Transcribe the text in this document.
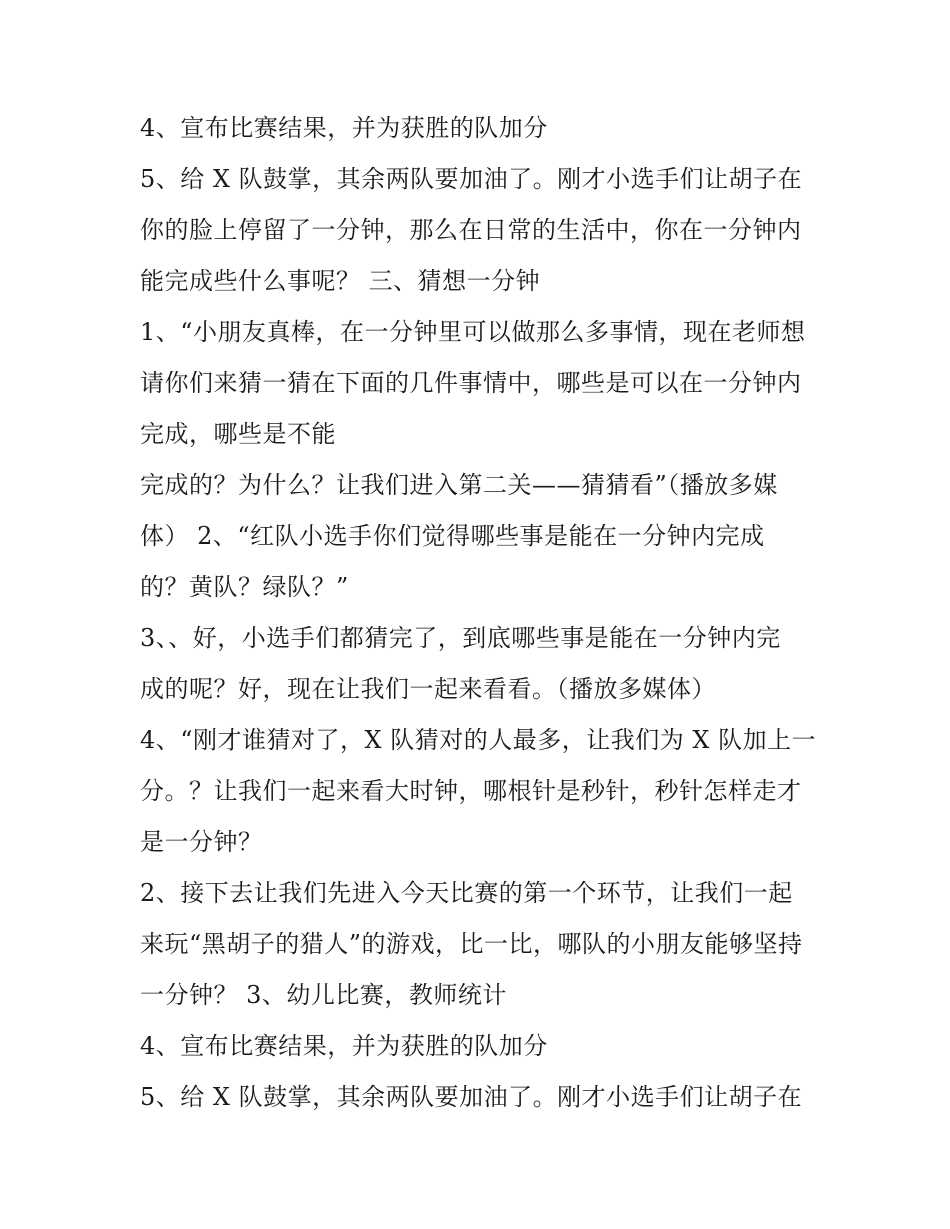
4、宣布比赛结果，并为获胜的队加分
5、给 X 队鼓掌，其余两队要加油了。刚才小选手们让胡子在
你的脸上停留了一分钟，那么在日常的生活中，你在一分钟内
能完成些什么事呢？ 三、猜想一分钟
1、“小朋友真棒，在一分钟里可以做那么多事情，现在老师想
请你们来猜一猜在下面的几件事情中，哪些是可以在一分钟内
完成，哪些是不能
完成的？为什么？让我们进入第二关——猜猜看”（播放多媒
体） 2、“红队小选手你们觉得哪些事是能在一分钟内完成
的？黄队？绿队？”
3、、好，小选手们都猜完了，到底哪些事是能在一分钟内完
成的呢？好，现在让我们一起来看看。（播放多媒体）
4、“刚才谁猜对了，X 队猜对的人最多，让我们为 X 队加上一
分。？让我们一起来看大时钟，哪根针是秒针，秒针怎样走才
是一分钟？
2、接下去让我们先进入今天比赛的第一个环节，让我们一起
来玩“黑胡子的猎人”的游戏，比一比，哪队的小朋友能够坚持
一分钟？ 3、幼儿比赛，教师统计
4、宣布比赛结果，并为获胜的队加分
5、给 X 队鼓掌，其余两队要加油了。刚才小选手们让胡子在
